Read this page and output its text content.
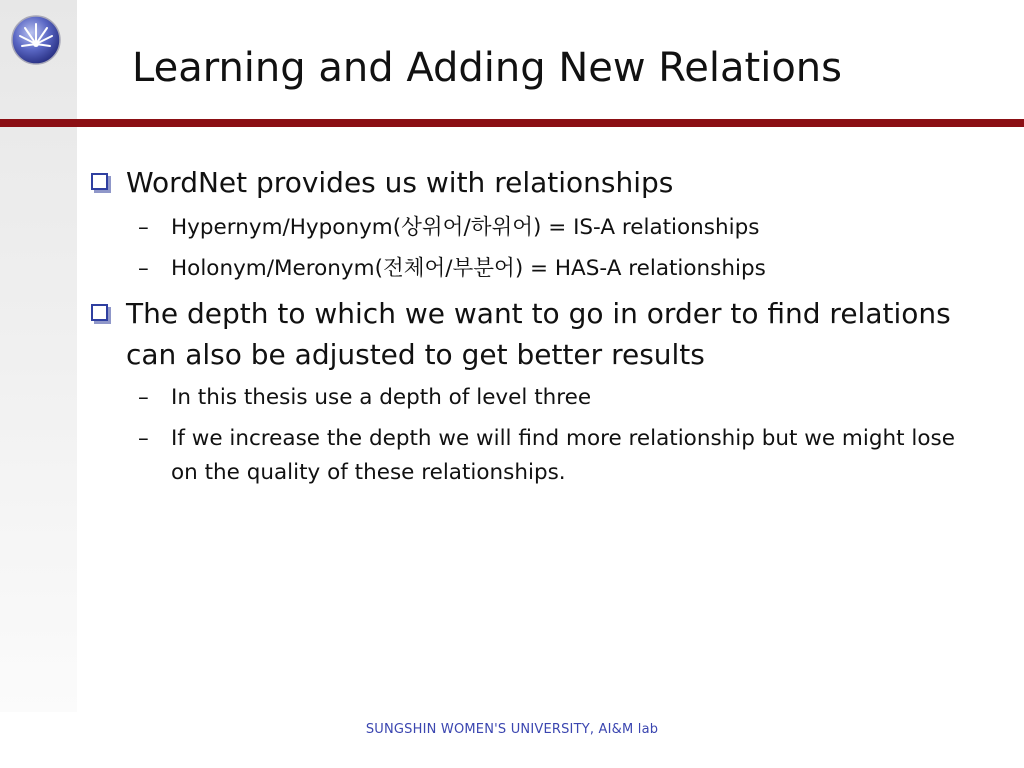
Learning and Adding New Relations
WordNet provides us with relationships
– Hypernym/Hyponym(상위어/하위어) = IS-A relationships
– Holonym/Meronym(전체어/부분어) = HAS-A relationships
The depth to which we want to go in order to find relations can also be adjusted to get better results
– In this thesis use a depth of level three
– If we increase the depth we will find more relationship but we might lose on the quality of these relationships.
SUNGSHIN WOMEN'S UNIVERSITY, AI&M lab
